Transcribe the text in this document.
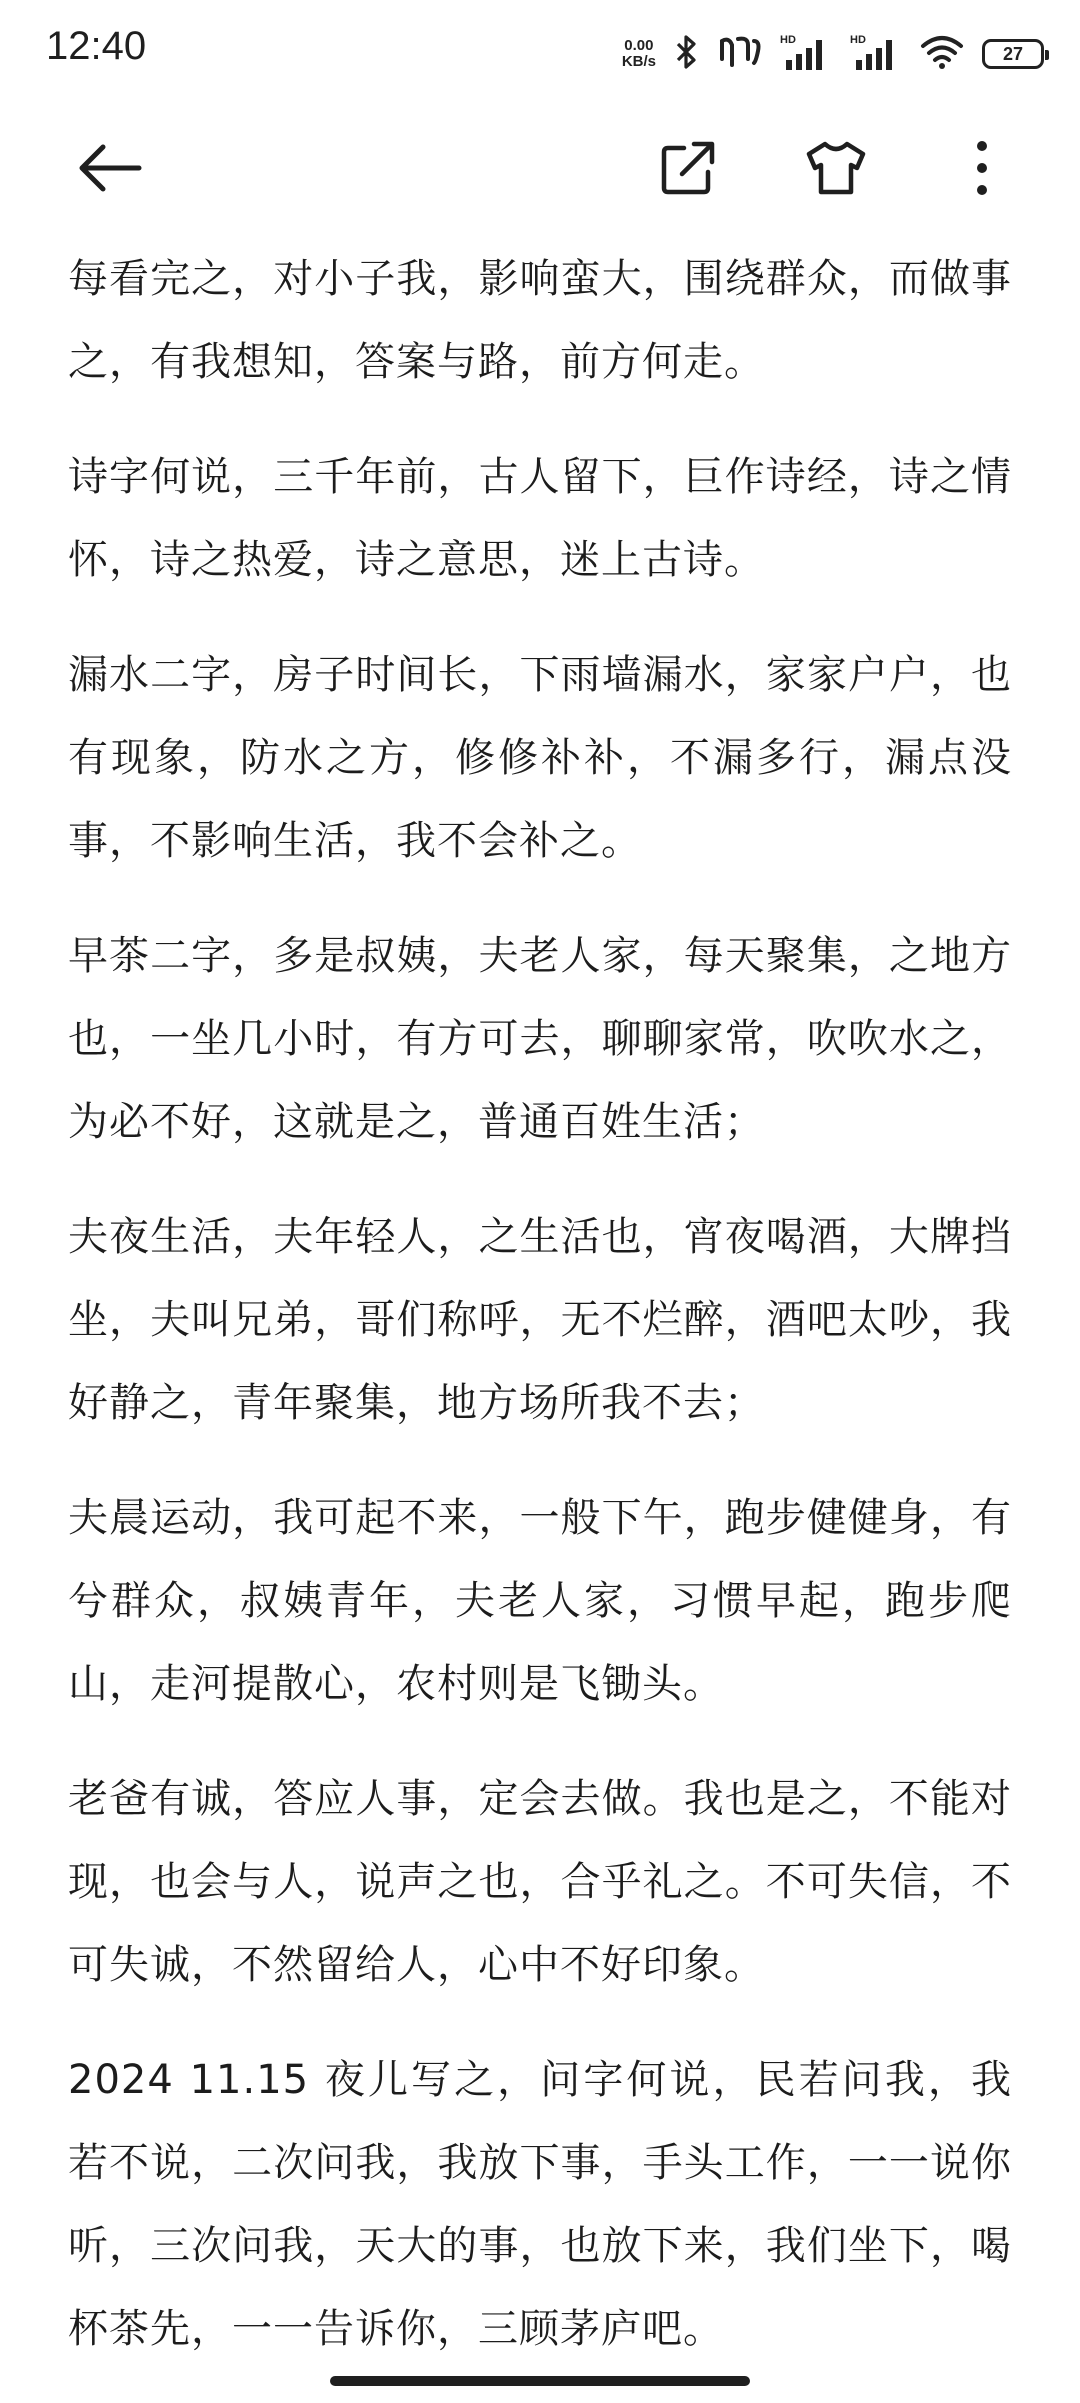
12:40	0.00
KB/s
HD	HD
27

每看完之，对小子我，影响蛮大，围绕群众，而做事之，有我想知，答案与路，前方何走。

诗字何说，三千年前，古人留下，巨作诗经，诗之情怀，诗之热爱，诗之意思，迷上古诗。

漏水二字，房子时间长，下雨墙漏水，家家户户，也有现象，防水之方，修修补补，不漏多行，漏点没事，不影响生活，我不会补之。

早茶二字，多是叔姨，夫老人家，每天聚集，之地方也，一坐几小时，有方可去，聊聊家常，吹吹水之，为必不好，这就是之，普通百姓生活；

夫夜生活，夫年轻人，之生活也，宵夜喝酒，大牌挡坐，夫叫兄弟，哥们称呼，无不烂醉，酒吧太吵，我好静之，青年聚集，地方场所我不去；

夫晨运动，我可起不来，一般下午，跑步健健身，有兮群众，叔姨青年，夫老人家，习惯早起，跑步爬山，走河提散心，农村则是飞锄头。

老爸有诚，答应人事，定会去做。我也是之，不能对现，也会与人，说声之也，合乎礼之。不可失信，不可失诚，不然留给人，心中不好印象。

2024 11.15 夜儿写之，问字何说，民若问我，我若不说，二次问我，我放下事，手头工作，一一说你听，三次问我，天大的事，也放下来，我们坐下，喝杯茶先，一一告诉你，三顾茅庐吧。
